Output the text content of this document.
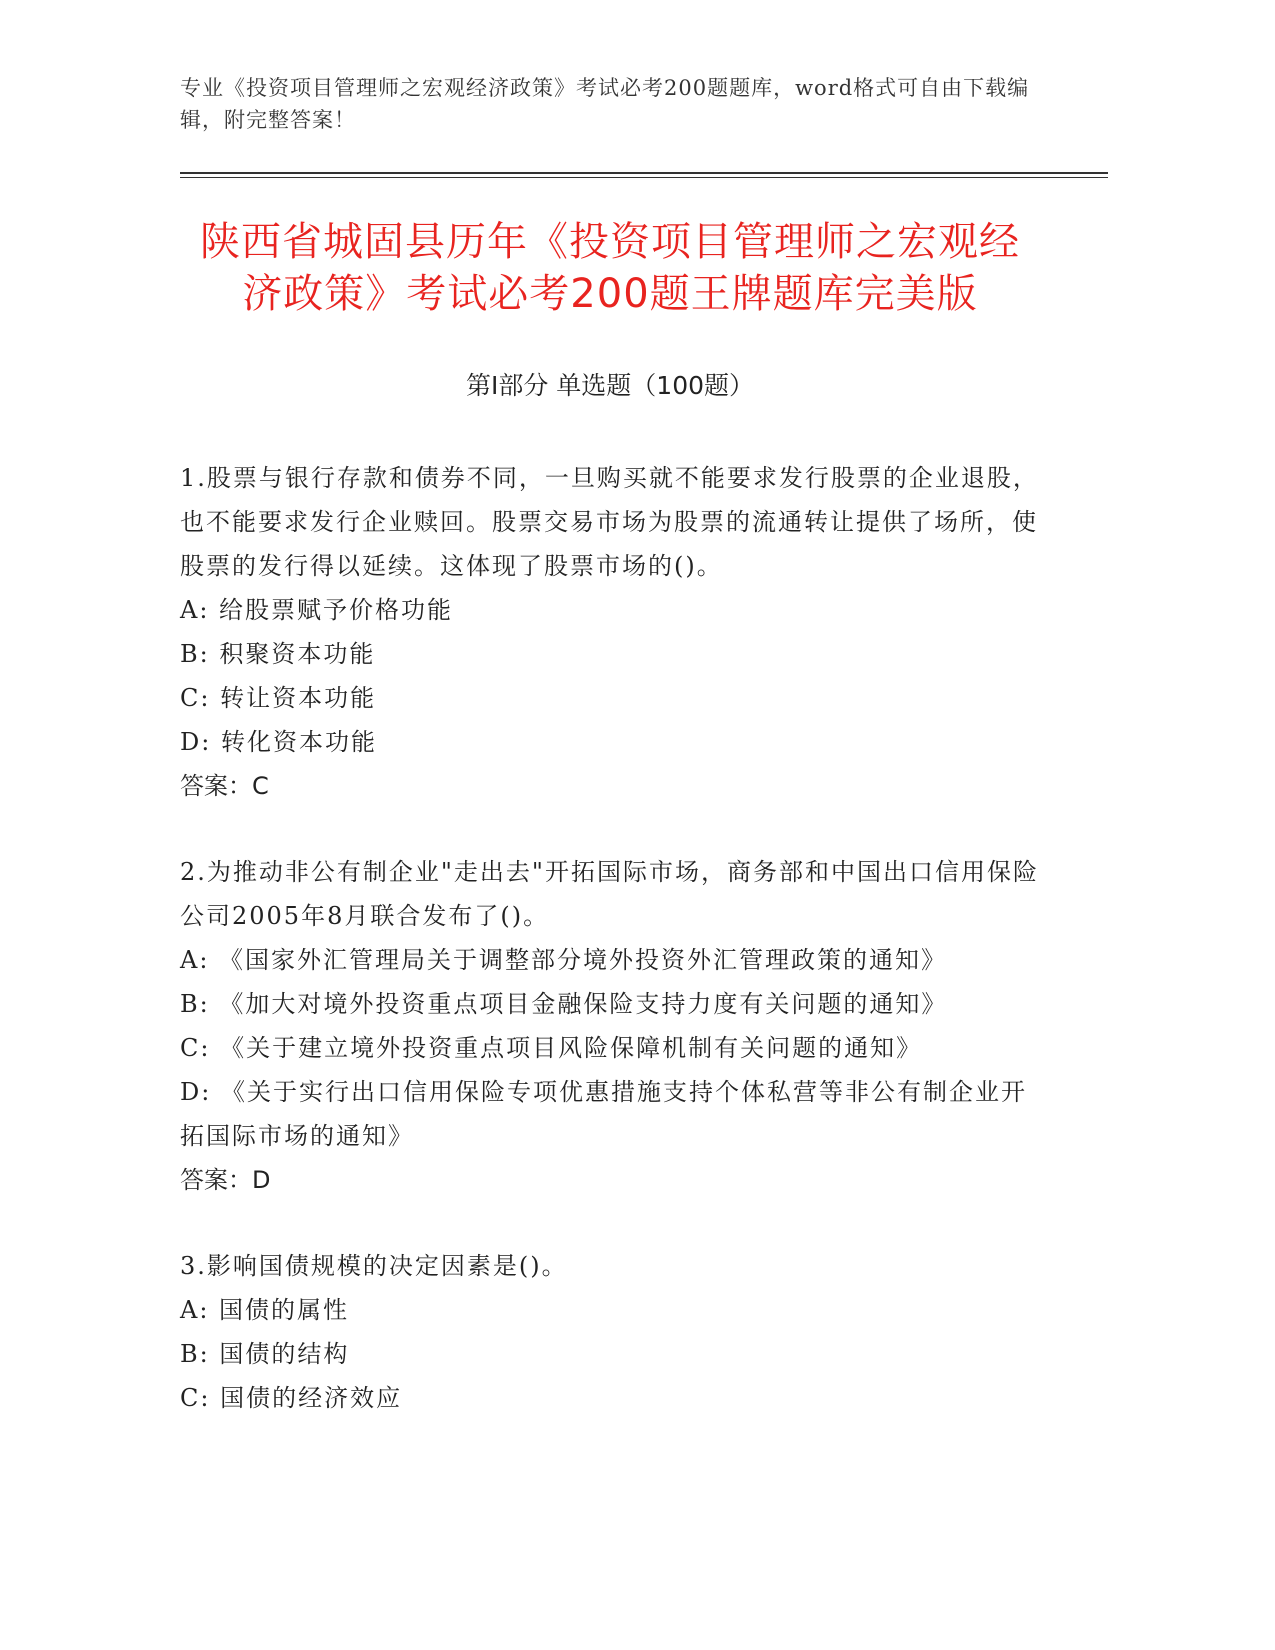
专业《投资项目管理师之宏观经济政策》考试必考200题题库，word格式可自由下载编辑，附完整答案！
陕西省城固县历年《投资项目管理师之宏观经济政策》考试必考200题王牌题库完美版
第I部分 单选题（100题）
1.股票与银行存款和债券不同，一旦购买就不能要求发行股票的企业退股，也不能要求发行企业赎回。股票交易市场为股票的流通转让提供了场所，使股票的发行得以延续。这体现了股票市场的()。
A: 给股票赋予价格功能
B: 积聚资本功能
C: 转让资本功能
D: 转化资本功能
答案：C
2.为推动非公有制企业"走出去"开拓国际市场，商务部和中国出口信用保险公司2005年8月联合发布了()。
A: 《国家外汇管理局关于调整部分境外投资外汇管理政策的通知》
B: 《加大对境外投资重点项目金融保险支持力度有关问题的通知》
C: 《关于建立境外投资重点项目风险保障机制有关问题的通知》
D: 《关于实行出口信用保险专项优惠措施支持个体私营等非公有制企业开拓国际市场的通知》
答案：D
3.影响国债规模的决定因素是()。
A: 国债的属性
B: 国债的结构
C: 国债的经济效应
